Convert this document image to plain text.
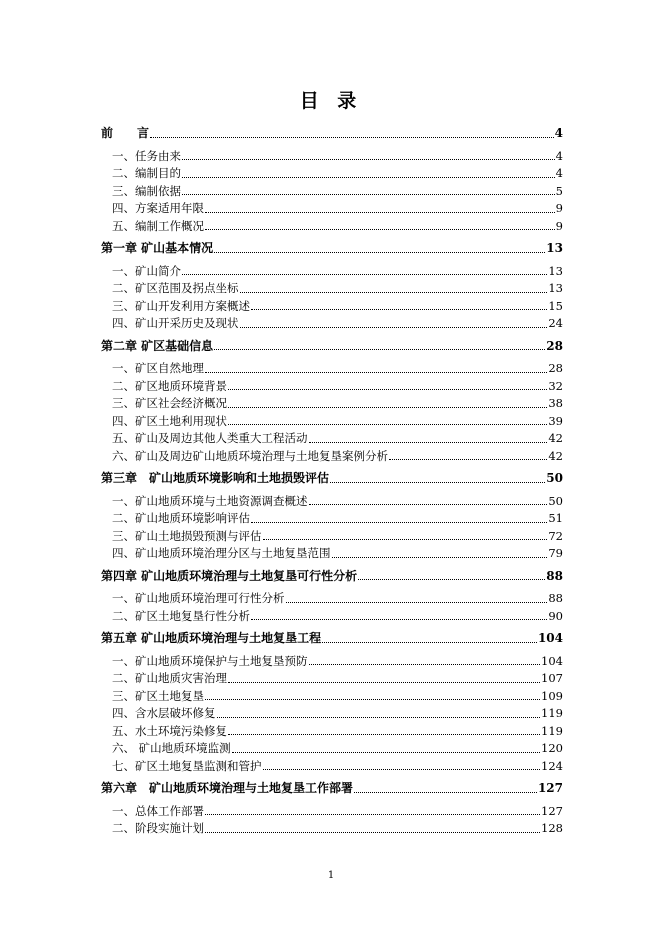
目 录
前　　言	4
一、任务由来	4
二、编制目的	4
三、编制依据	5
四、方案适用年限	9
五、编制工作概况	9
第一章 矿山基本情况	13
一、矿山简介	13
二、矿区范围及拐点坐标	13
三、矿山开发利用方案概述	15
四、矿山开采历史及现状	24
第二章 矿区基础信息	28
一、矿区自然地理	28
二、矿区地质环境背景	32
三、矿区社会经济概况	38
四、矿区土地利用现状	39
五、矿山及周边其他人类重大工程活动	42
六、矿山及周边矿山地质环境治理与土地复垦案例分析	42
第三章　矿山地质环境影响和土地损毁评估	50
一、矿山地质环境与土地资源调查概述	50
二、矿山地质环境影响评估	51
三、矿山土地损毁预测与评估	72
四、矿山地质环境治理分区与土地复垦范围	79
第四章 矿山地质环境治理与土地复垦可行性分析	88
一、矿山地质环境治理可行性分析	88
二、矿区土地复垦行性分析	90
第五章 矿山地质环境治理与土地复垦工程	104
一、矿山地质环境保护与土地复垦预防	104
二、矿山地质灾害治理	107
三、矿区土地复垦	109
四、含水层破坏修复	119
五、水土环境污染修复	119
六、 矿山地质环境监测	120
七、矿区土地复垦监测和管护	124
第六章　矿山地质环境治理与土地复垦工作部署	127
一、总体工作部署	127
二、阶段实施计划	128
1
